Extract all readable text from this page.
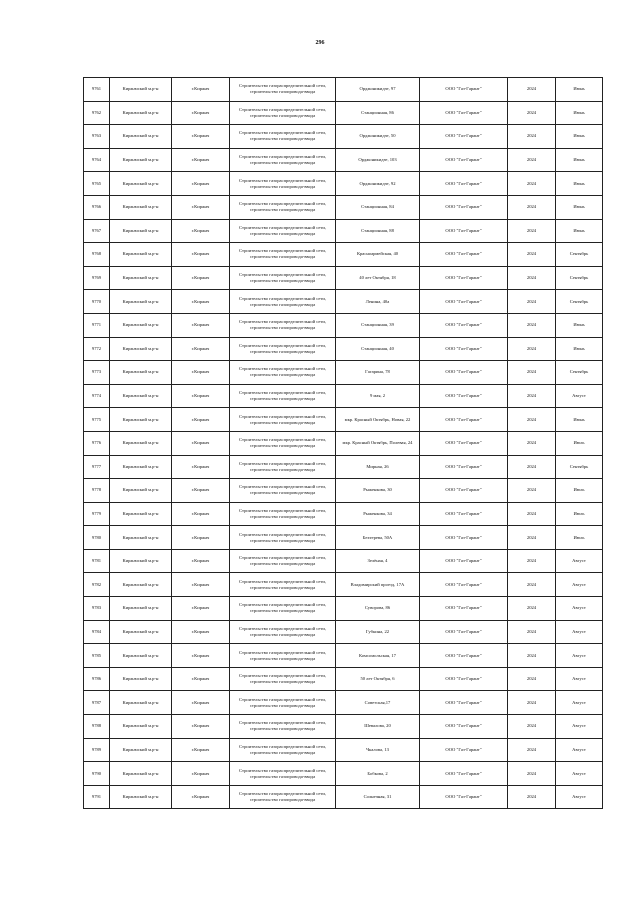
296
9761	Киржачский м.р-н	г.Киржач	Строительство газораспределительной сети, строительство газопровода-ввода	Орджоникидзе, 97	ООО "Газ-Гарант"	2024	Июнь
9762	Киржачский м.р-н	г.Киржач	Строительство газораспределительной сети, строительство газопровода-ввода	Станционная, 86	ООО "Газ-Гарант"	2024	Июнь
9763	Киржачский м.р-н	г.Киржач	Строительство газораспределительной сети, строительство газопровода-ввода	Орджоникидзе, 50	ООО "Газ-Гарант"	2024	Июнь
9764	Киржачский м.р-н	г.Киржач	Строительство газораспределительной сети, строительство газопровода-ввода	Орджоникидзе, 103	ООО "Газ-Гарант"	2024	Июнь
9765	Киржачский м.р-н	г.Киржач	Строительство газораспределительной сети, строительство газопровода-ввода	Орджоникидзе, 92	ООО "Газ-Гарант"	2024	Июнь
9766	Киржачский м.р-н	г.Киржач	Строительство газораспределительной сети, строительство газопровода-ввода	Станционная, 84	ООО "Газ-Гарант"	2024	Июнь
9767	Киржачский м.р-н	г.Киржач	Строительство газораспределительной сети, строительство газопровода-ввода	Станционная, 88	ООО "Газ-Гарант"	2024	Июнь
9768	Киржачский м.р-н	г.Киржач	Строительство газораспределительной сети, строительство газопровода-ввода	Красноармейская, 40	ООО "Газ-Гарант"	2024	Сентябрь
9769	Киржачский м.р-н	г.Киржач	Строительство газораспределительной сети, строительство газопровода-ввода	40 лет Октября, 18	ООО "Газ-Гарант"	2024	Сентябрь
9770	Киржачский м.р-н	г.Киржач	Строительство газораспределительной сети, строительство газопровода-ввода	Ленина, 40а	ООО "Газ-Гарант"	2024	Сентябрь
9771	Киржачский м.р-н	г.Киржач	Строительство газораспределительной сети, строительство газопровода-ввода	Станционная, 39	ООО "Газ-Гарант"	2024	Июнь
9772	Киржачский м.р-н	г.Киржач	Строительство газораспределительной сети, строительство газопровода-ввода	Станционная, 40	ООО "Газ-Гарант"	2024	Июнь
9773	Киржачский м.р-н	г.Киржач	Строительство газораспределительной сети, строительство газопровода-ввода	Гагарина, 78	ООО "Газ-Гарант"	2024	Сентябрь
9774	Киржачский м.р-н	г.Киржач	Строительство газораспределительной сети, строительство газопровода-ввода	9 мая, 2	ООО "Газ-Гарант"	2024	Август
9775	Киржачский м.р-н	г.Киржач	Строительство газораспределительной сети, строительство газопровода-ввода	мкр. Красный Октябрь, Новая, 22	ООО "Газ-Гарант"	2024	Июнь
9776	Киржачский м.р-н	г.Киржач	Строительство газораспределительной сети, строительство газопровода-ввода	мкр. Красный Октябрь, Полевая, 24	ООО "Газ-Гарант"	2024	Июль
9777	Киржачский м.р-н	г.Киржач	Строительство газораспределительной сети, строительство газопровода-ввода	Мирная, 26	ООО "Газ-Гарант"	2024	Сентябрь
9778	Киржачский м.р-н	г.Киржач	Строительство газораспределительной сети, строительство газопровода-ввода	Рыженкова, 30	ООО "Газ-Гарант"	2024	Июль
9779	Киржачский м.р-н	г.Киржач	Строительство газораспределительной сети, строительство газопровода-ввода	Рыженкова, 34	ООО "Газ-Гарант"	2024	Июль
9780	Киржачский м.р-н	г.Киржач	Строительство газораспределительной сети, строительство газопровода-ввода	Бехтерева, 50А	ООО "Газ-Гарант"	2024	Июль
9781	Киржачский м.р-н	г.Киржач	Строительство газораспределительной сети, строительство газопровода-ввода	Зелёная, 4	ООО "Газ-Гарант"	2024	Август
9782	Киржачский м.р-н	г.Киржач	Строительство газораспределительной сети, строительство газопровода-ввода	Владимирский проезд, 17А	ООО "Газ-Гарант"	2024	Август
9783	Киржачский м.р-н	г.Киржач	Строительство газораспределительной сети, строительство газопровода-ввода	Суворова, 86	ООО "Газ-Гарант"	2024	Август
9784	Киржачский м.р-н	г.Киржач	Строительство газораспределительной сети, строительство газопровода-ввода	Губкина, 22	ООО "Газ-Гарант"	2024	Август
9785	Киржачский м.р-н	г.Киржач	Строительство газораспределительной сети, строительство газопровода-ввода	Комсомольская, 17	ООО "Газ-Гарант"	2024	Август
9786	Киржачский м.р-н	г.Киржач	Строительство газораспределительной сети, строительство газопровода-ввода	50 лет Октября, 6	ООО "Газ-Гарант"	2024	Август
9787	Киржачский м.р-н	г.Киржач	Строительство газораспределительной сети, строительство газопровода-ввода	Советская,17	ООО "Газ-Гарант"	2024	Август
9788	Киржачский м.р-н	г.Киржач	Строительство газораспределительной сети, строительство газопровода-ввода	Шевалова, 20	ООО "Газ-Гарант"	2024	Август
9789	Киржачский м.р-н	г.Киржач	Строительство газораспределительной сети, строительство газопровода-ввода	Чкалова, 13	ООО "Газ-Гарант"	2024	Август
9790	Киржачский м.р-н	г.Киржач	Строительство газораспределительной сети, строительство газопровода-ввода	Бобкова, 2	ООО "Газ-Гарант"	2024	Август
9791	Киржачский м.р-н	г.Киржач	Строительство газораспределительной сети, строительство газопровода-ввода	Солнечная, 31	ООО "Газ-Гарант"	2024	Август
